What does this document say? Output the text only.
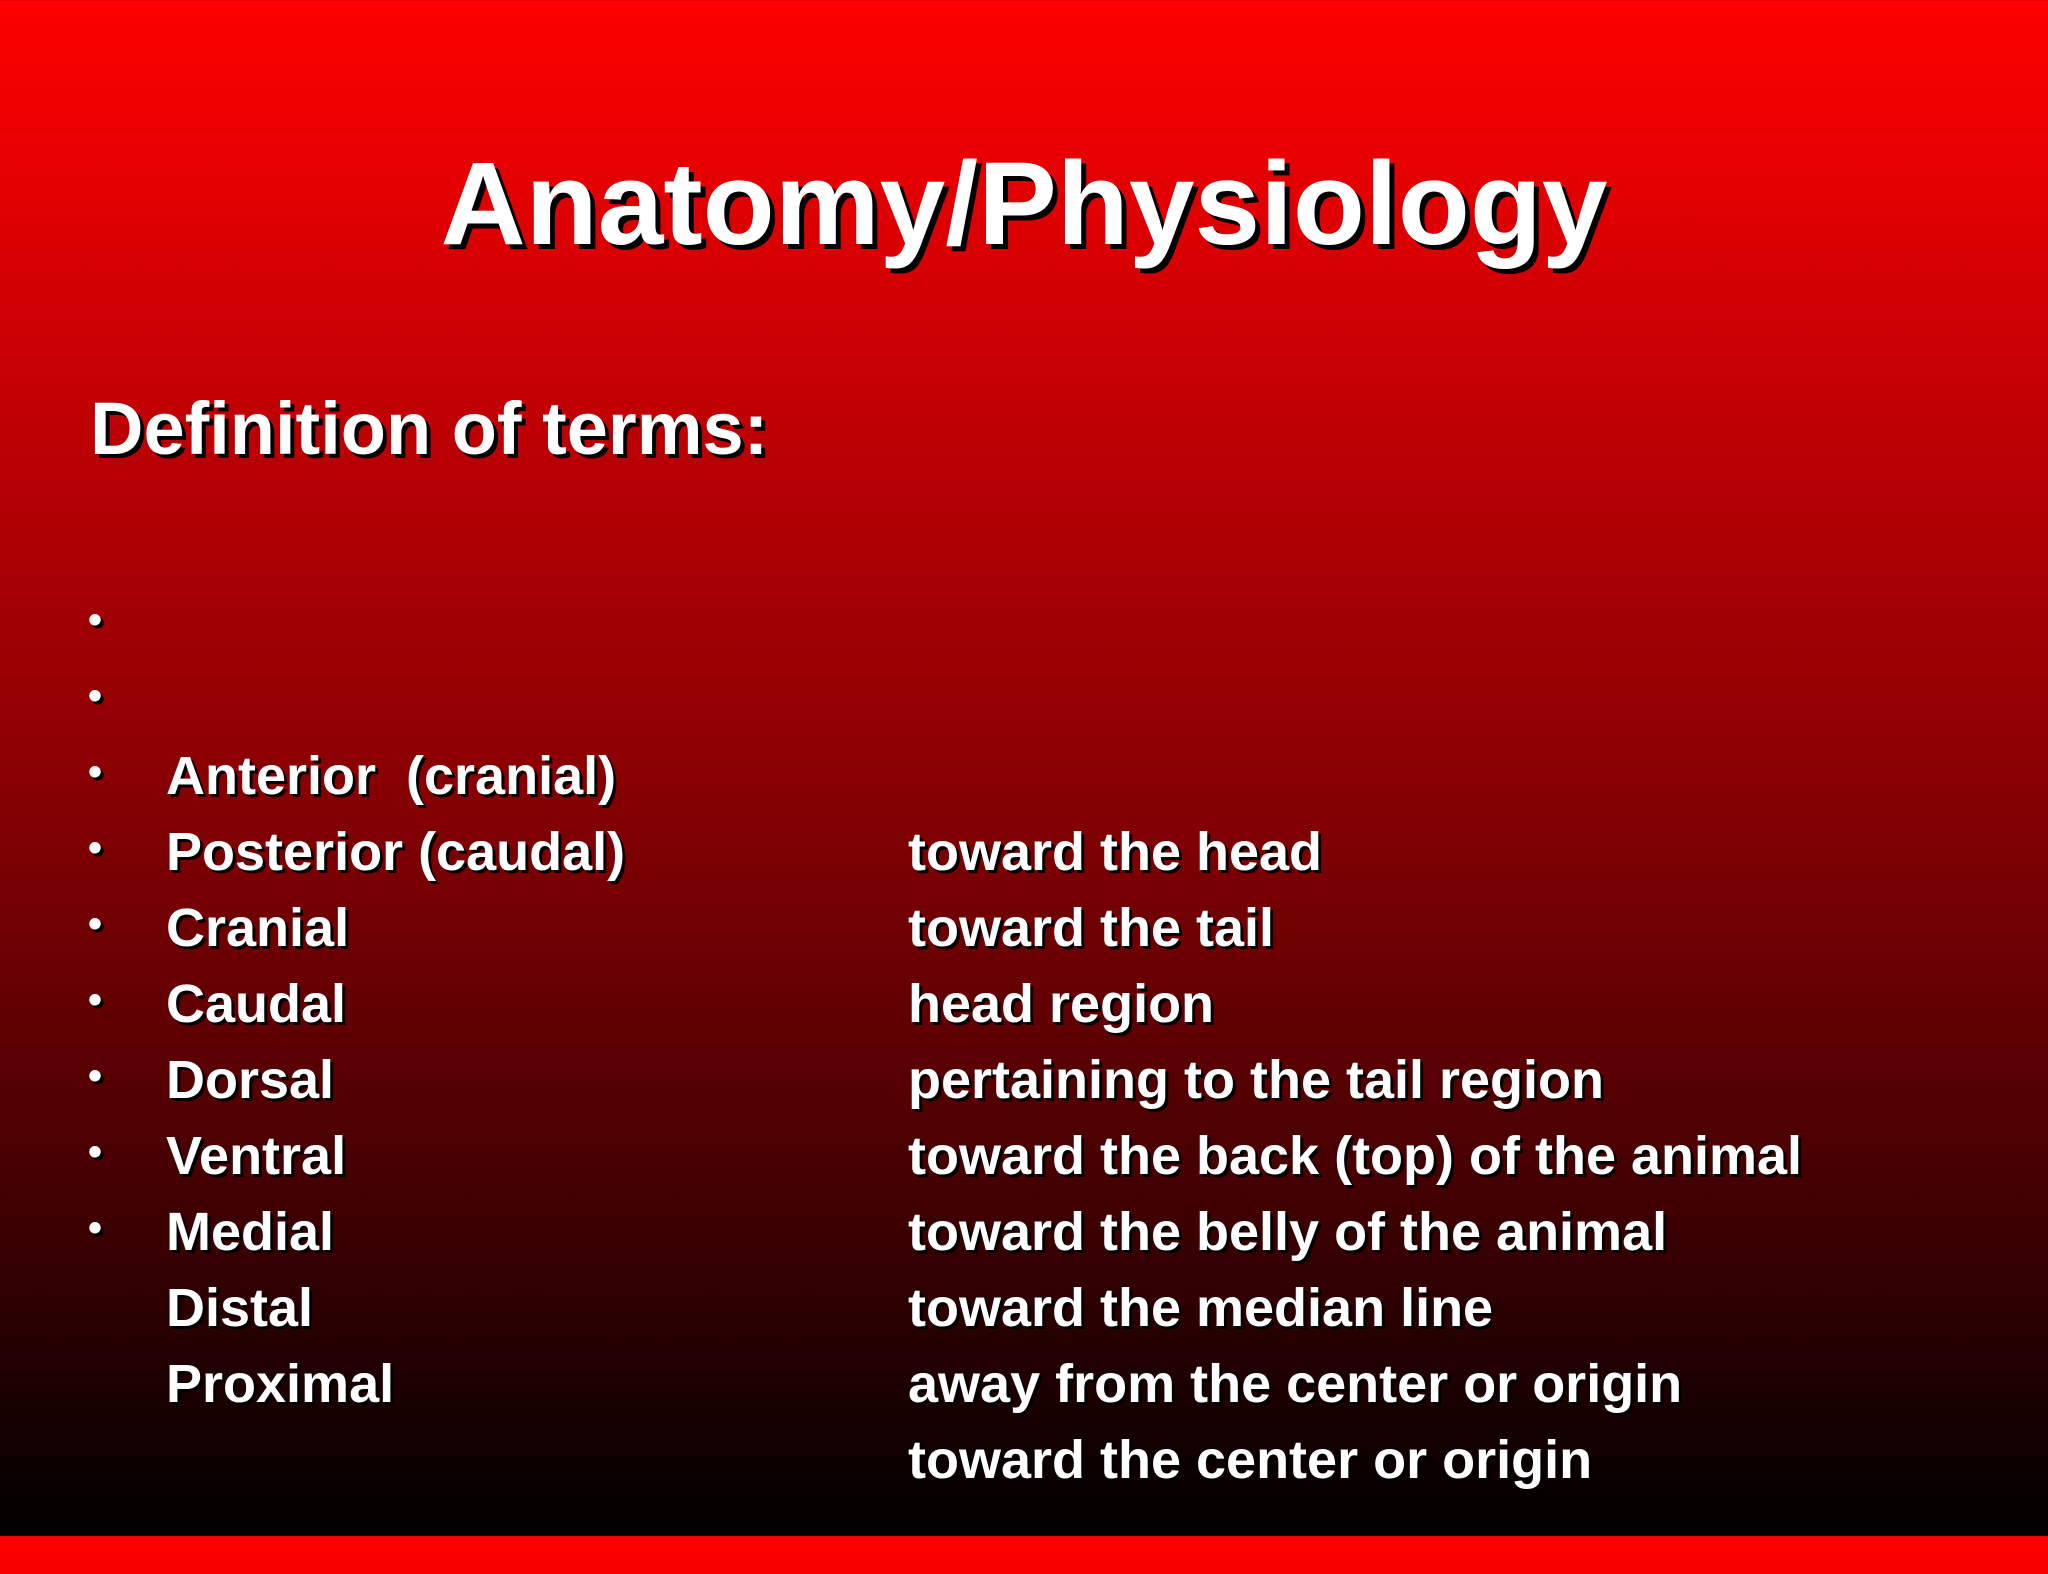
Anatomy/Physiology
Definition of terms:

•

Anterior  (cranial)

toward the head

•

Posterior (caudal)

toward the tail

•

Cranial

head region

•

Caudal

pertaining to the tail region

•

Dorsal

toward the back (top) of the animal

•

Ventral

toward the belly of the animal

•

Medial

toward the median line

•

Distal

away from the center or origin

•

Proximal

toward the center or origin
